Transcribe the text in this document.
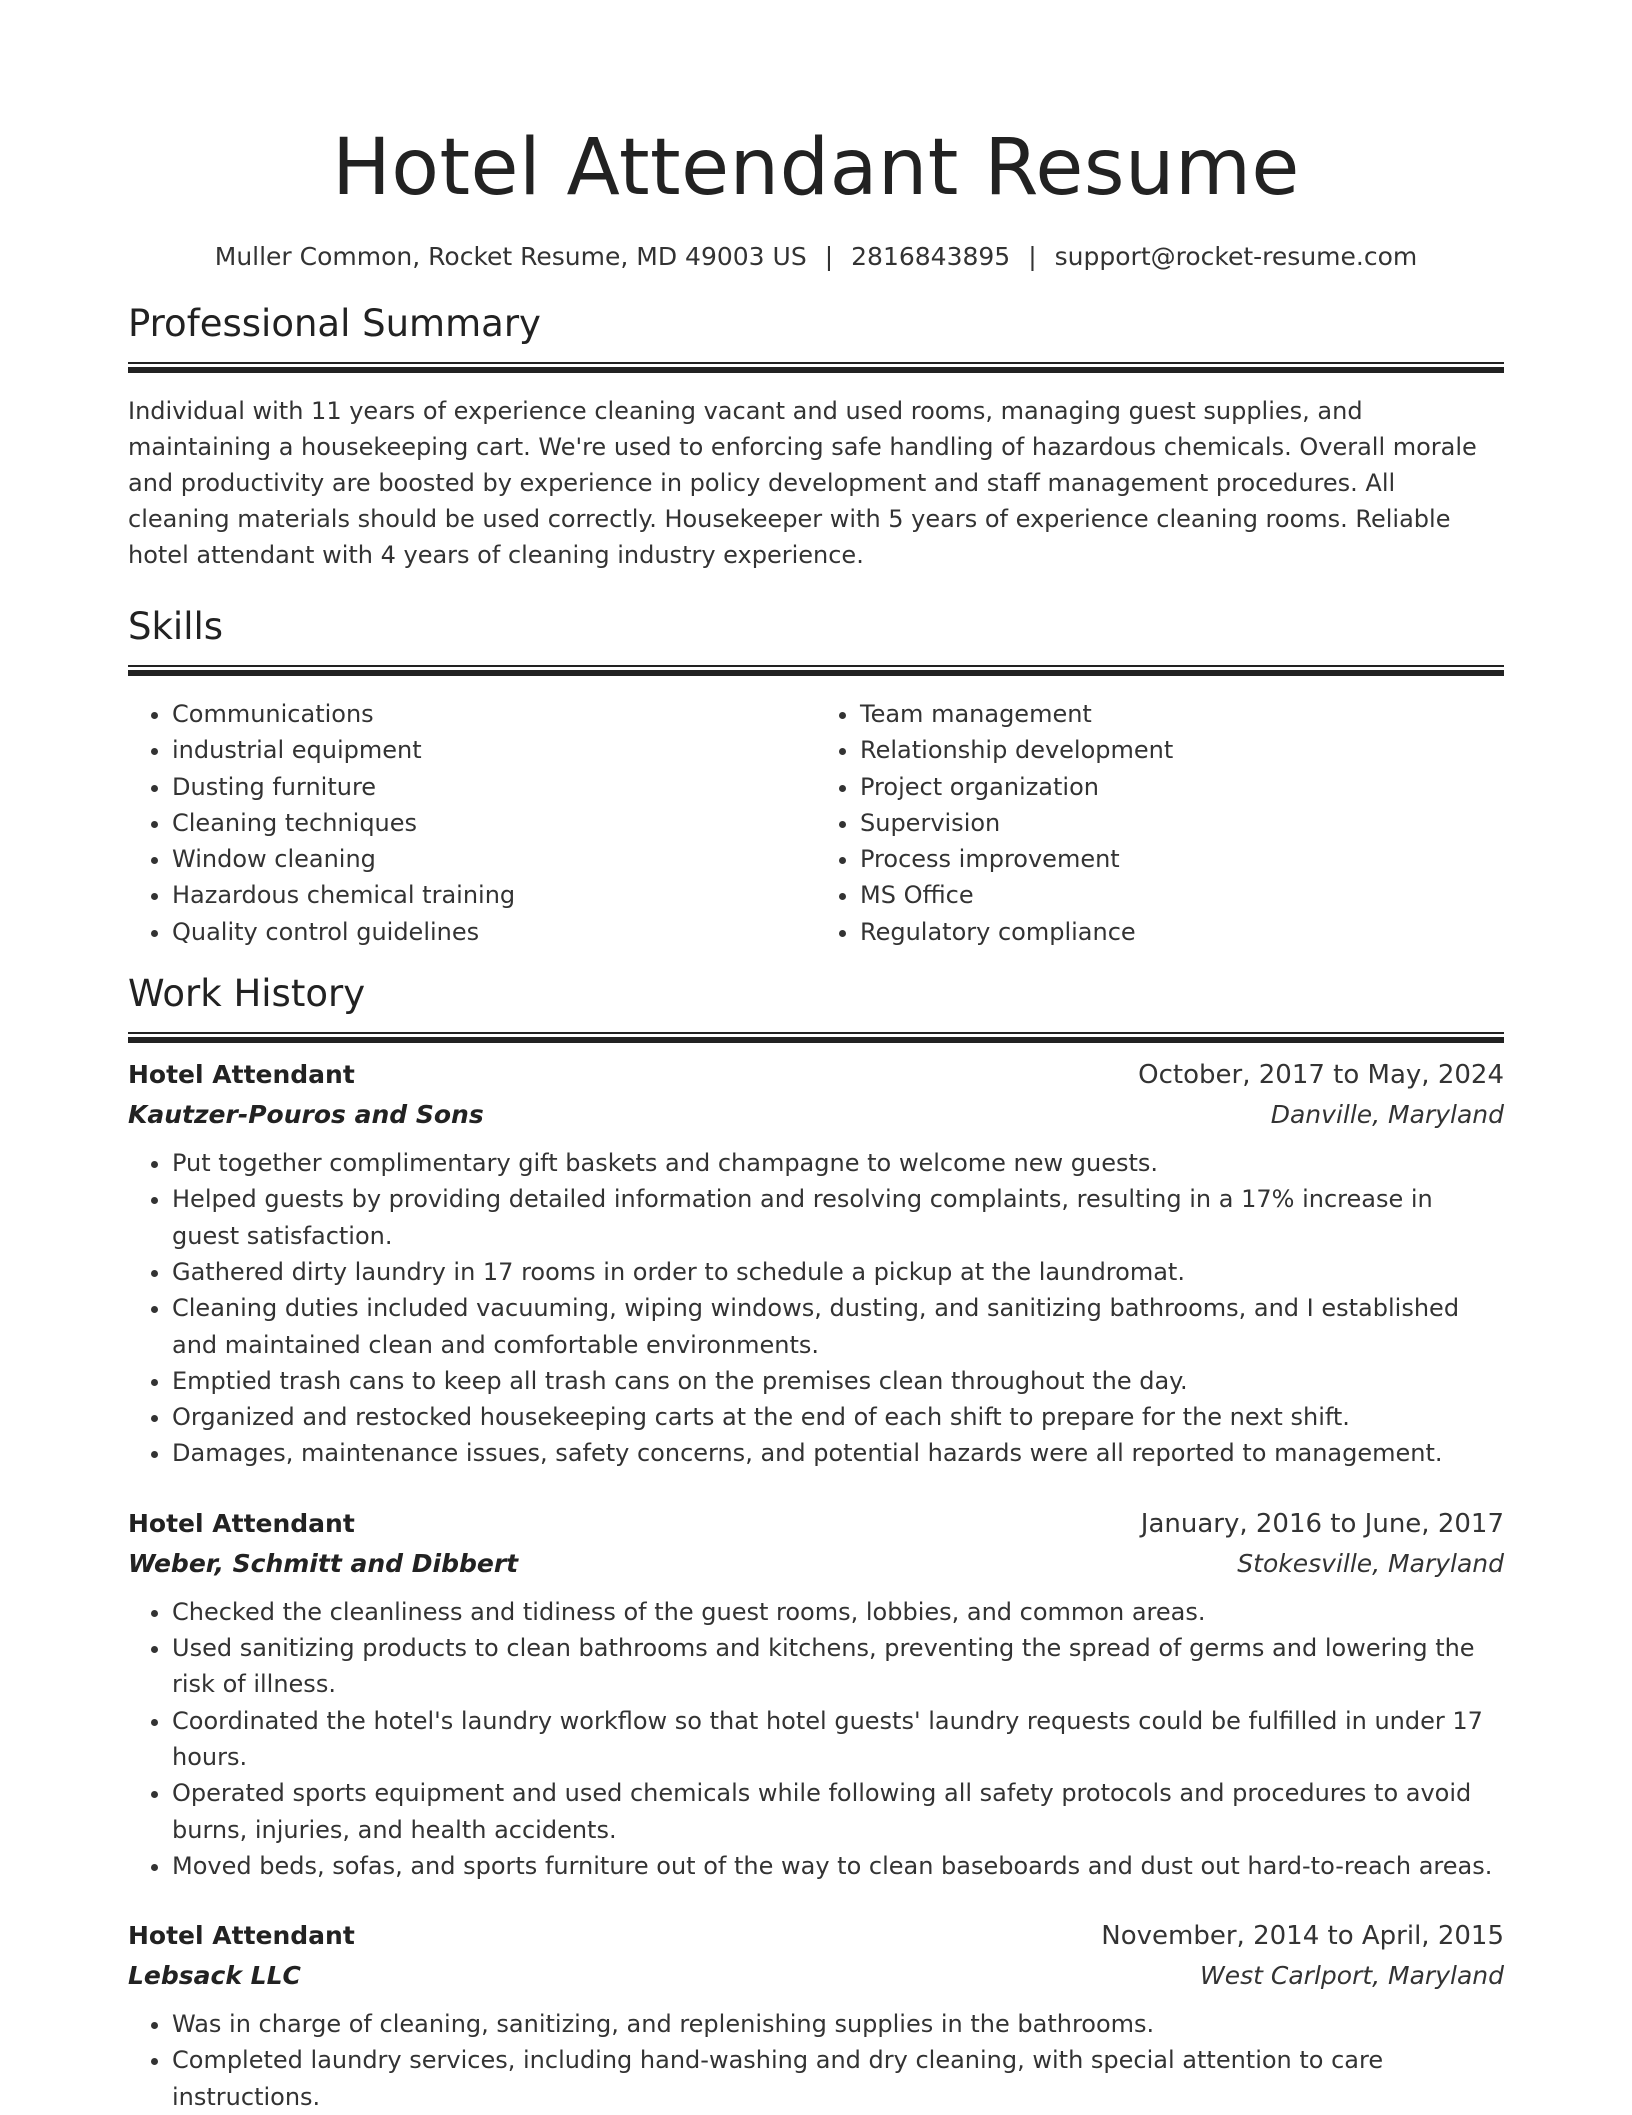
Hotel Attendant Resume
Muller Common, Rocket Resume, MD 49003 US | 2816843895 | support@rocket-resume.com
Professional Summary

Individual with 11 years of experience cleaning vacant and used rooms, managing guest supplies, and maintaining a housekeeping cart. We're used to enforcing safe handling of hazardous chemicals. Overall morale and productivity are boosted by experience in policy development and staff management procedures. All cleaning materials should be used correctly. Housekeeper with 5 years of experience cleaning rooms. Reliable hotel attendant with 4 years of cleaning industry experience.

Skills
• Communications
• industrial equipment
• Dusting furniture
• Cleaning techniques
• Window cleaning
• Hazardous chemical training
• Quality control guidelines
• Team management
• Relationship development
• Project organization
• Supervision
• Process improvement
• MS Office
• Regulatory compliance
Work History
Hotel Attendant	October, 2017 to May, 2024
Kautzer-Pouros and Sons	Danville, Maryland
• Put together complimentary gift baskets and champagne to welcome new guests.
• Helped guests by providing detailed information and resolving complaints, resulting in a 17% increase in guest satisfaction.
• Gathered dirty laundry in 17 rooms in order to schedule a pickup at the laundromat.
• Cleaning duties included vacuuming, wiping windows, dusting, and sanitizing bathrooms, and I established and maintained clean and comfortable environments.
• Emptied trash cans to keep all trash cans on the premises clean throughout the day.
• Organized and restocked housekeeping carts at the end of each shift to prepare for the next shift.
• Damages, maintenance issues, safety concerns, and potential hazards were all reported to management.
Hotel Attendant	January, 2016 to June, 2017
Weber, Schmitt and Dibbert	Stokesville, Maryland
• Checked the cleanliness and tidiness of the guest rooms, lobbies, and common areas.
• Used sanitizing products to clean bathrooms and kitchens, preventing the spread of germs and lowering the risk of illness.
• Coordinated the hotel's laundry workflow so that hotel guests' laundry requests could be fulfilled in under 17 hours.
• Operated sports equipment and used chemicals while following all safety protocols and procedures to avoid burns, injuries, and health accidents.
• Moved beds, sofas, and sports furniture out of the way to clean baseboards and dust out hard-to-reach areas.
Hotel Attendant	November, 2014 to April, 2015
Lebsack LLC	West Carlport, Maryland
• Was in charge of cleaning, sanitizing, and replenishing supplies in the bathrooms.
• Completed laundry services, including hand-washing and dry cleaning, with special attention to care instructions.
